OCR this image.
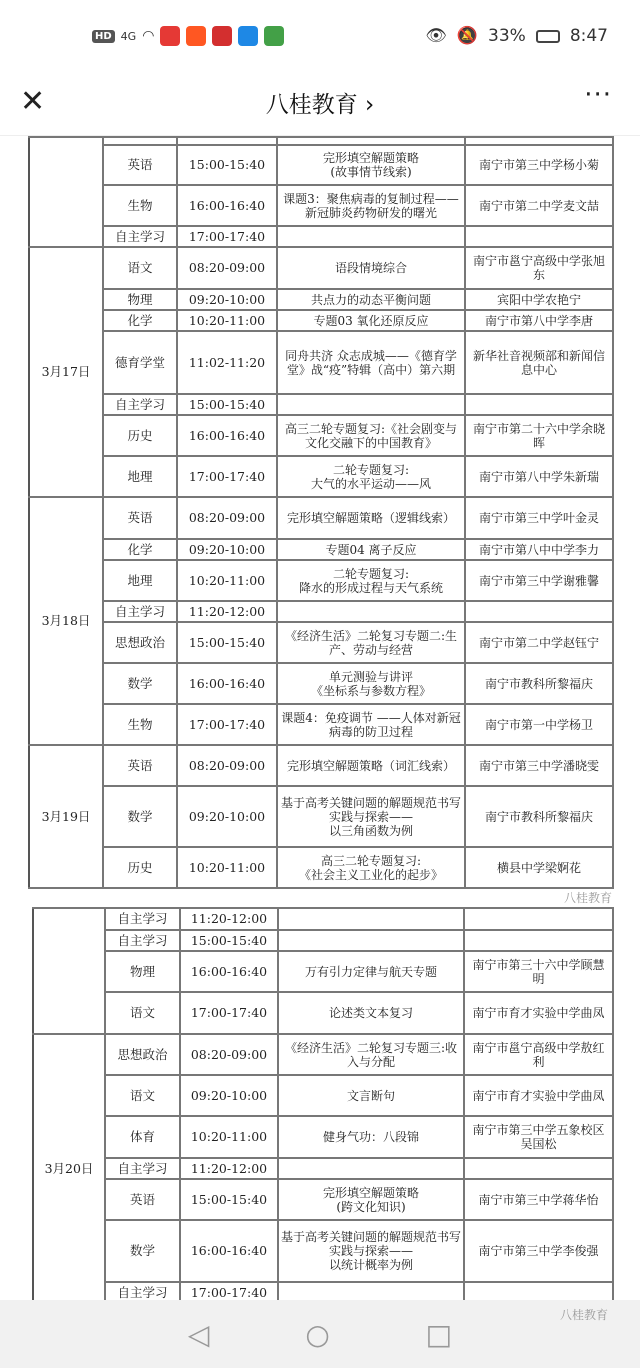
HD 4G ◠	👁 🔕 33%	8:47
✕	八桂教育 ›	···

	英语	15:00-15:40	完形填空解题策略
(故事情节线索)	南宁市第三中学杨小菊
	生物	16:00-16:40	课题3：聚焦病毒的复制过程——新冠肺炎药物研发的曙光	南宁市第二中学麦文喆
	自主学习	17:00-17:40		
3月17日	语文	08:20-09:00	语段情境综合	南宁市邕宁高级中学张旭东
	物理	09:20-10:00	共点力的动态平衡问题	宾阳中学农艳宁
	化学	10:20-11:00	专题03 氧化还原反应	南宁市第八中学李唐
	德育学堂	11:02-11:20	同舟共济 众志成城——《德育学堂》战“疫”特辑（高中）第六期	新华社音视频部和新闻信息中心
	自主学习	15:00-15:40		
	历史	16:00-16:40	高三二轮专题复习:《社会剧变与文化交融下的中国教育》	南宁市第二十六中学余晓晖
	地理	17:00-17:40	二轮专题复习:
大气的水平运动——风	南宁市第八中学朱新瑞
3月18日	英语	08:20-09:00	完形填空解题策略（逻辑线索）	南宁市第三中学叶金灵
	化学	09:20-10:00	专题04 离子反应	南宁市第八中中学李力
	地理	10:20-11:00	二轮专题复习:
降水的形成过程与天气系统	南宁市第三中学谢雅馨
	自主学习	11:20-12:00		
	思想政治	15:00-15:40	《经济生活》二轮复习专题二:生产、劳动与经营	南宁市第二中学赵钰宁
	数学	16:00-16:40	单元测验与讲评
《坐标系与参数方程》	南宁市教科所黎福庆
	生物	17:00-17:40	课题4：免疫调节 ——人体对新冠病毒的防卫过程	南宁市第一中学杨卫
3月19日	英语	08:20-09:00	完形填空解题策略（词汇线索）	南宁市第三中学潘晓雯
	数学	09:20-10:00	基于高考关键问题的解题规范书写实践与探索——
以三角函数为例	南宁市教科所黎福庆
	历史	10:20-11:00	高三二轮专题复习:
《社会主义工业化的起步》	横县中学梁婀花
八桂教育
	自主学习	11:20-12:00		
	自主学习	15:00-15:40		
	物理	16:00-16:40	万有引力定律与航天专题	南宁市第三十六中学顾慧明
	语文	17:00-17:40	论述类文本复习	南宁市育才实验中学曲凤
3月20日	思想政治	08:20-09:00	《经济生活》二轮复习专题三:收入与分配	南宁市邕宁高级中学敖红利
	语文	09:20-10:00	文言断句	南宁市育才实验中学曲凤
	体育	10:20-11:00	健身气功：八段锦	南宁市第三中学五象校区吴国松
	自主学习	11:20-12:00		
	英语	15:00-15:40	完形填空解题策略
(跨文化知识)	南宁市第三中学蒋华怡
	数学	16:00-16:40	基于高考关键问题的解题规范书写实践与探索——
以统计概率为例	南宁市第三中学李俊强
	自主学习	17:00-17:40		
◁	○	□
八桂教育
